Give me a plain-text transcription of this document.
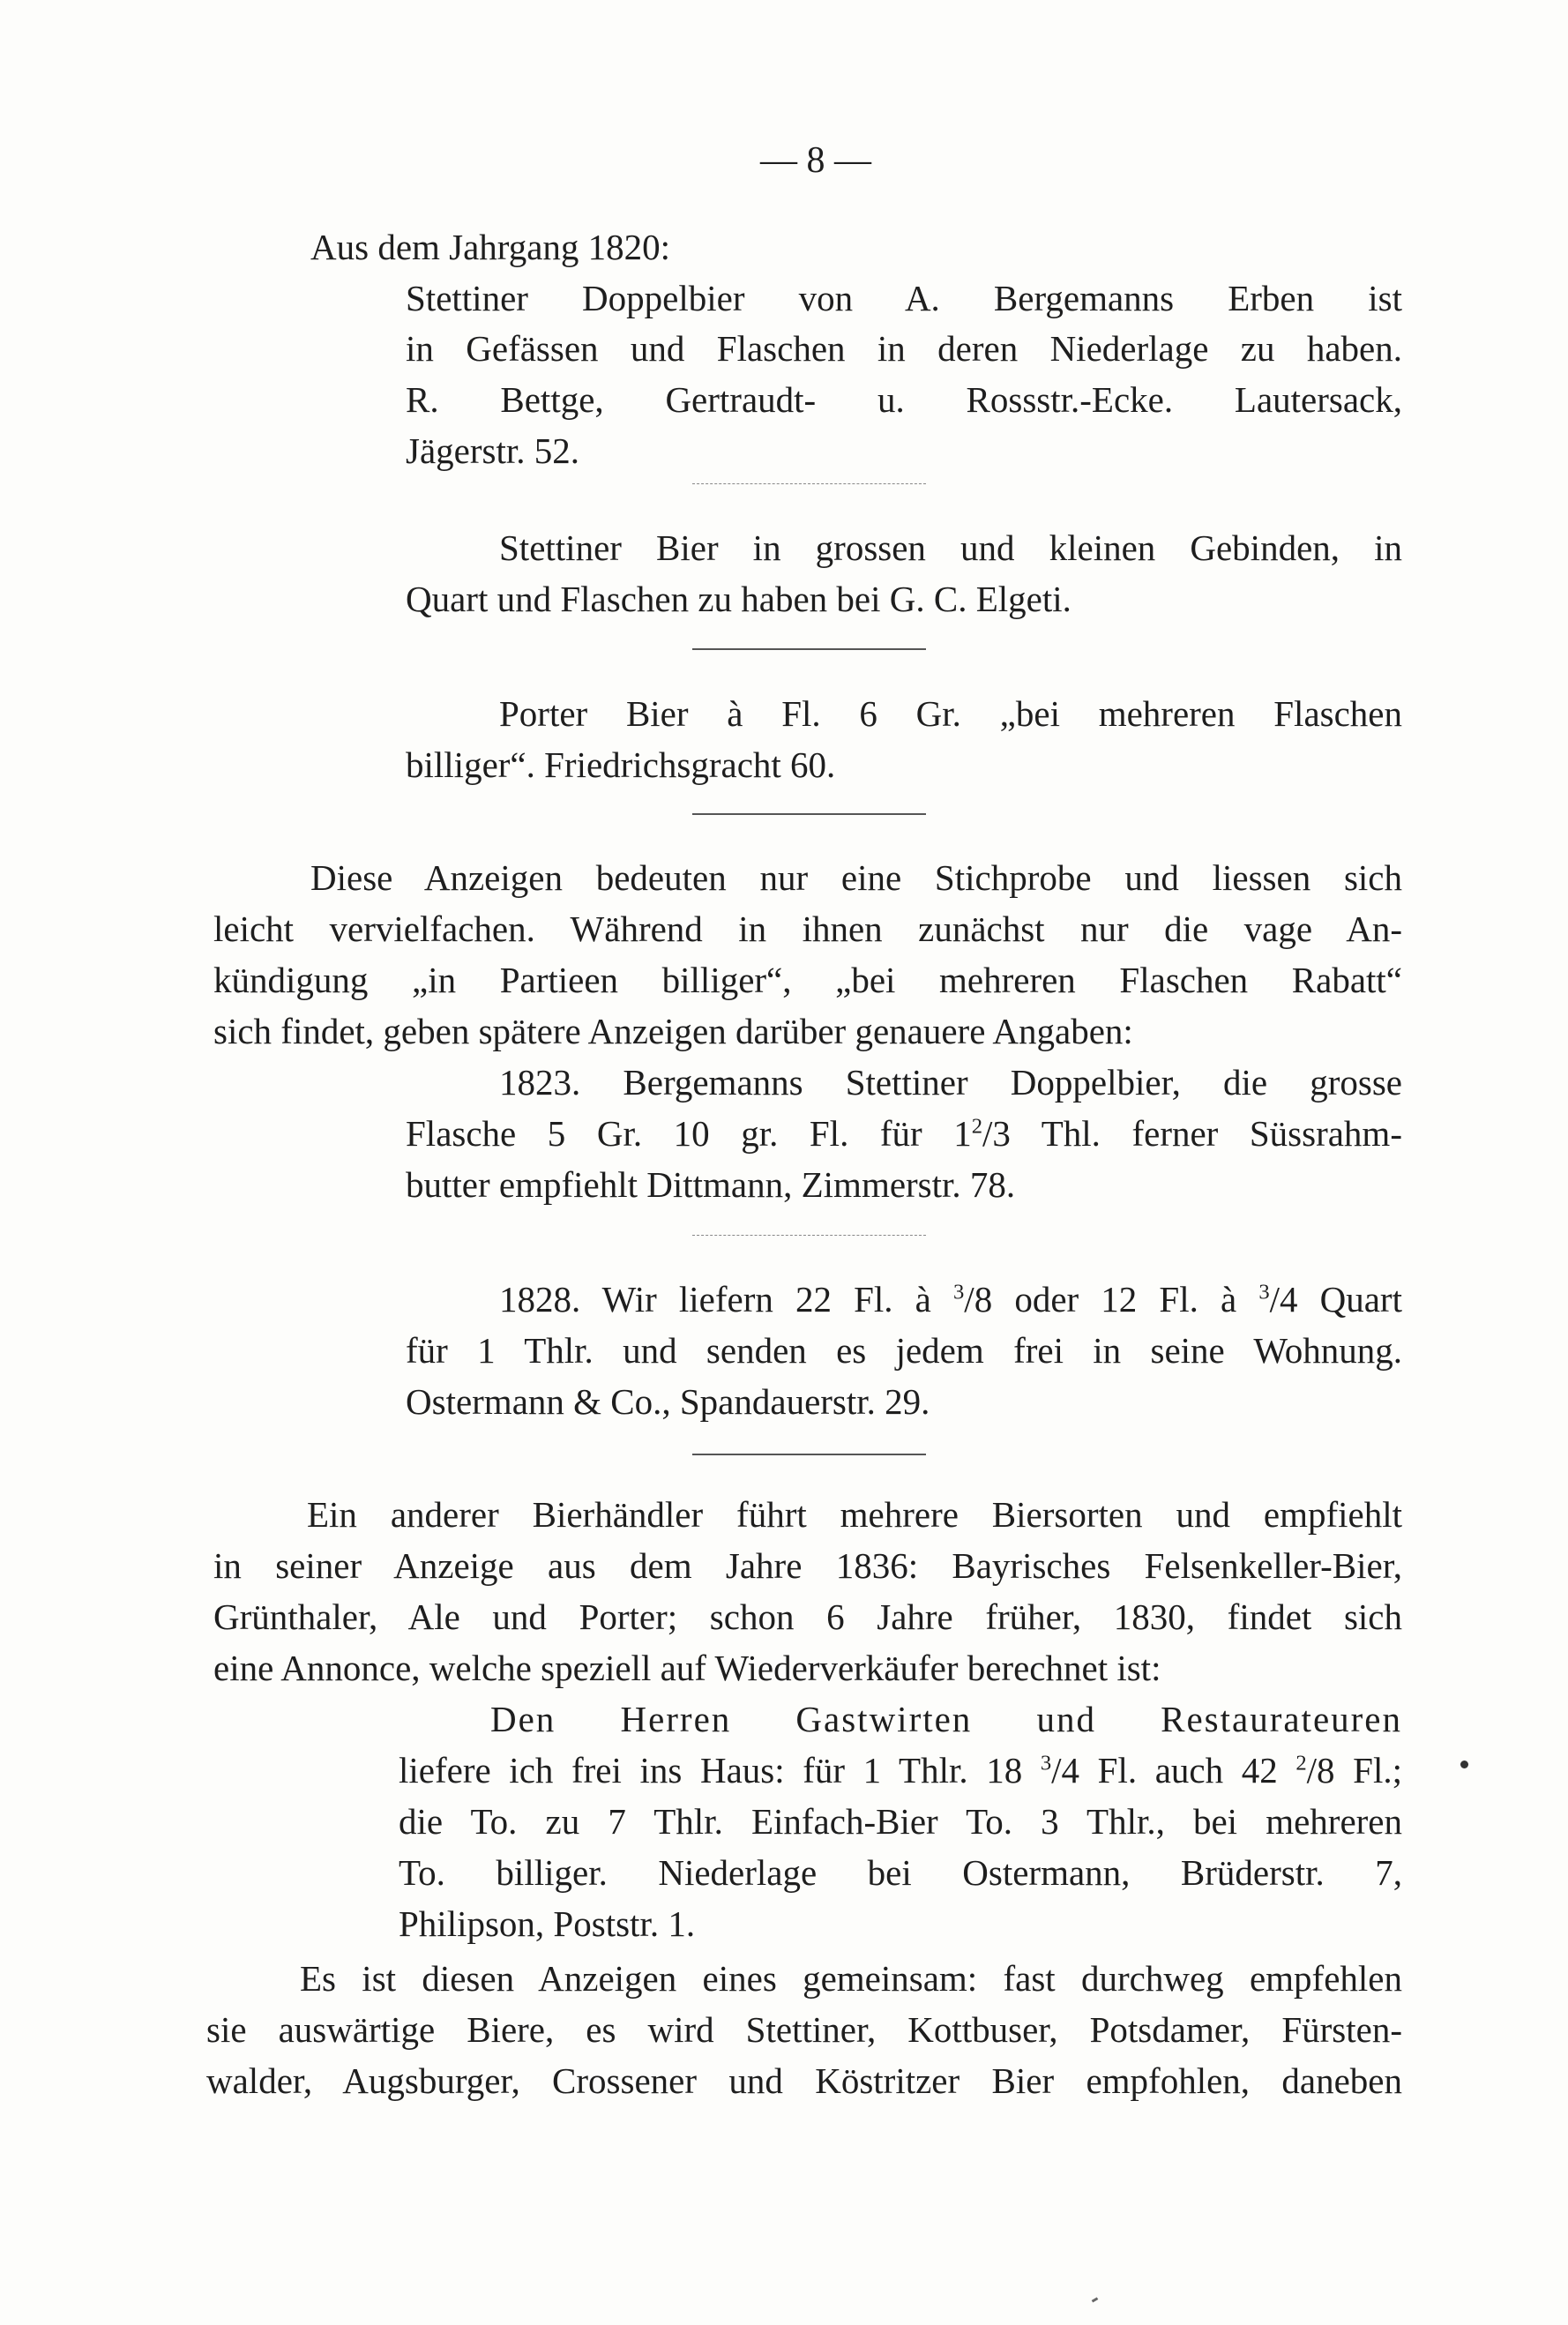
— 8 —
Aus dem Jahrgang 1820:
Stettiner Doppelbier von A. Bergemanns Erben ist
in Gefässen und Flaschen in deren Niederlage zu haben.
R. Bettge, Gertraudt- u. Rossstr.-Ecke. Lautersack,
Jägerstr. 52.
Stettiner Bier in grossen und kleinen Gebinden, in
Quart und Flaschen zu haben bei G. C. Elgeti.
Porter Bier à Fl. 6 Gr. „bei mehreren Flaschen
billiger“. Friedrichsgracht 60.
Diese Anzeigen bedeuten nur eine Stichprobe und liessen sich
leicht vervielfachen. Während in ihnen zunächst nur die vage An-
kündigung „in Partieen billiger“, „bei mehreren Flaschen Rabatt“
sich findet, geben spätere Anzeigen darüber genauere Angaben:
1823. Bergemanns Stettiner Doppelbier, die grosse
Flasche 5 Gr. 10 gr. Fl. für $1^2/3$ Thl. ferner Süssrahm-
butter empfiehlt Dittmann, Zimmerstr. 78.
1828. Wir liefern 22 Fl. à $^3$/8 oder 12 Fl. à $^3$/4 Quart
für 1 Thlr. und senden es jedem frei in seine Wohnung.
Ostermann & Co., Spandauerstr. 29.
Ein anderer Bierhändler führt mehrere Biersorten und empfiehlt
in seiner Anzeige aus dem Jahre 1836: Bayrisches Felsenkeller-Bier,
Grünthaler, Ale und Porter; schon 6 Jahre früher, 1830, findet sich
eine Annonce, welche speziell auf Wiederverkäufer berechnet ist:
Den Herren Gastwirten und Restaurateuren
liefere ich frei ins Haus: für 1 Thlr. 18 $^3$/4 Fl. auch 42 $^2$/8 Fl.;
die To. zu 7 Thlr. Einfach-Bier To. 3 Thlr., bei mehreren
To. billiger. Niederlage bei Ostermann, Brüderstr. 7,
Philipson, Poststr. 1.
Es ist diesen Anzeigen eines gemeinsam: fast durchweg empfehlen
sie auswärtige Biere, es wird Stettiner, Kottbuser, Potsdamer, Fürsten-
walder, Augsburger, Crossener und Köstritzer Bier empfohlen, daneben
